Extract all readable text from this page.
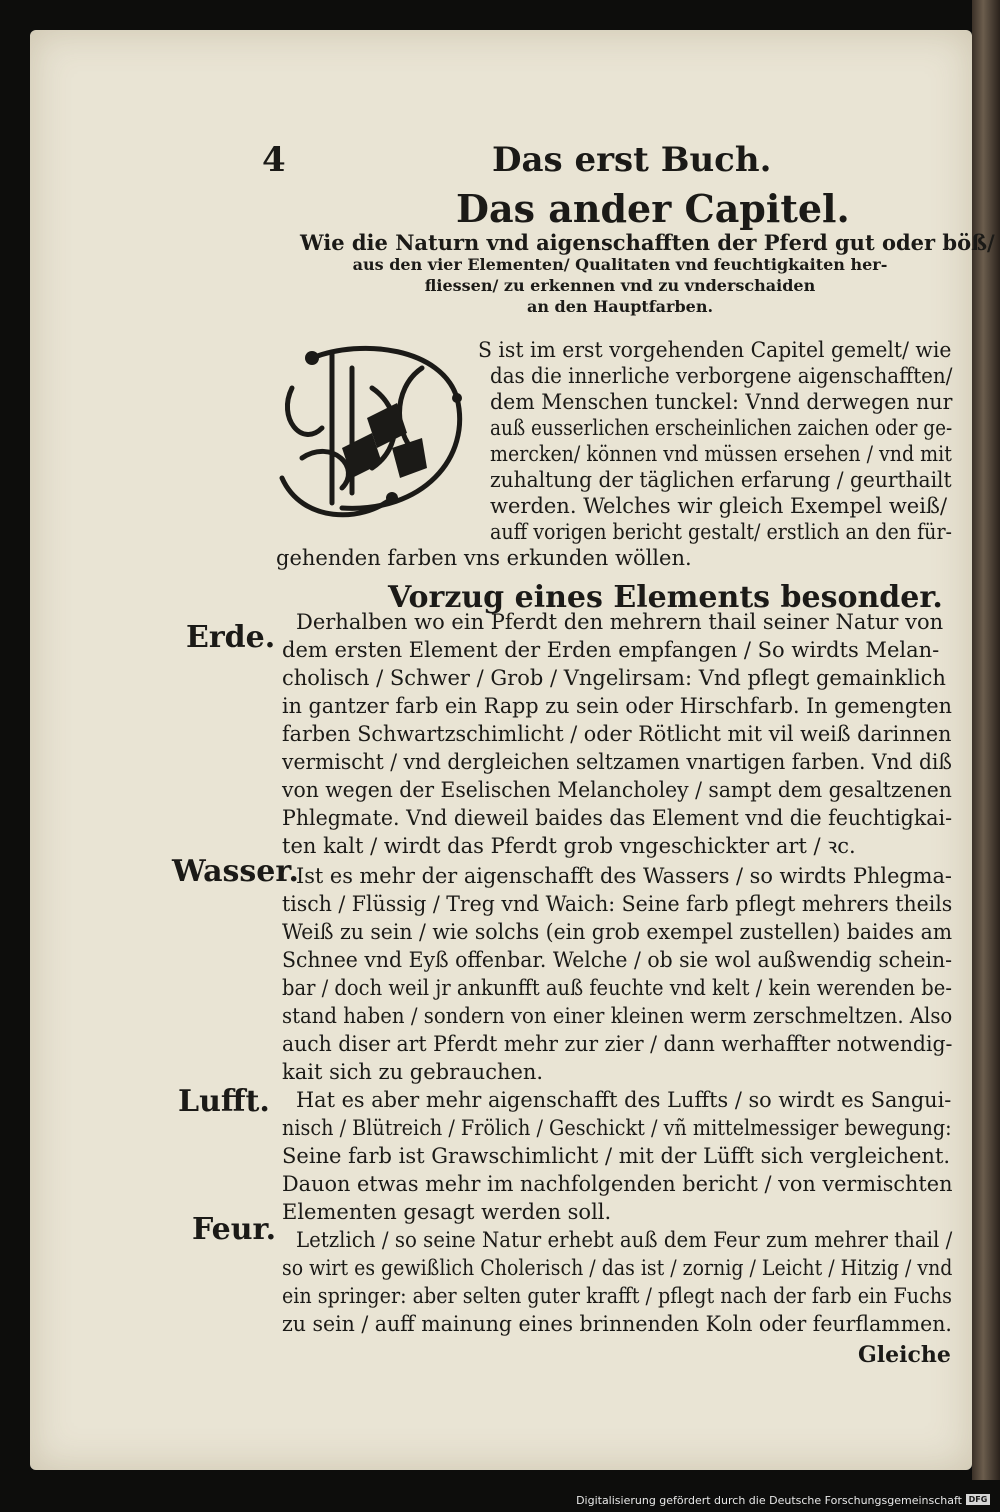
4	Das erst Buch.
Das ander Capitel.
Wie die Naturn vnd aigenschafften der Pferd gut oder böß/
aus den vier Elementen/ Qualitaten vnd feuchtigkaiten her-
fliessen/ zu erkennen vnd zu vnderschaiden
an den Hauptfarben.
S ist im erst vorgehenden Capitel gemelt/ wie
das die innerliche verborgene aigenschafften/
dem Menschen tunckel: Vnnd derwegen nur
auß eusserlichen erscheinlichen zaichen oder ge-
mercken/ können vnd müssen ersehen / vnd mit
zuhaltung der täglichen erfarung / geurthailt
werden. Welches wir gleich Exempel weiß/
auff vorigen bericht gestalt/ erstlich an den für-
gehenden farben vns erkunden wöllen.
Vorzug eines Elements besonder.
Erde.
Wasser.
Lufft.
Feur.
Derhalben wo ein Pferdt den mehrern thail seiner Natur von
dem ersten Element der Erden empfangen / So wirdts Melan-
cholisch / Schwer / Grob / Vngelirsam: Vnd pflegt gemainklich
in gantzer farb ein Rapp zu sein oder Hirschfarb. In gemengten
farben Schwartzschimlicht / oder Rötlicht mit vil weiß darinnen
vermischt / vnd dergleichen seltzamen vnartigen farben. Vnd diß
von wegen der Eselischen Melancholey / sampt dem gesaltzenen
Phlegmate. Vnd dieweil baides das Element vnd die feuchtigkai-
ten kalt / wirdt das Pferdt grob vngeschickter art / ꝛc.
Ist es mehr der aigenschafft des Wassers / so wirdts Phlegma-
tisch / Flüssig / Treg vnd Waich: Seine farb pflegt mehrers theils
Weiß zu sein / wie solchs (ein grob exempel zustellen) baides am
Schnee vnd Eyß offenbar. Welche / ob sie wol außwendig schein-
bar / doch weil jr ankunfft auß feuchte vnd kelt / kein werenden be-
stand haben / sondern von einer kleinen werm zerschmeltzen. Also
auch diser art Pferdt mehr zur zier / dann werhaffter notwendig-
kait sich zu gebrauchen.
Hat es aber mehr aigenschafft des Luffts / so wirdt es Sangui-
nisch / Blütreich / Frölich / Geschickt / vñ mittelmessiger bewegung:
Seine farb ist Grawschimlicht / mit der Lüfft sich vergleichent.
Dauon etwas mehr im nachfolgenden bericht / von vermischten
Elementen gesagt werden soll.
Letzlich / so seine Natur erhebt auß dem Feur zum mehrer thail /
so wirt es gewißlich Cholerisch / das ist / zornig / Leicht / Hitzig / vnd
ein springer: aber selten guter krafft / pflegt nach der farb ein Fuchs
zu sein / auff mainung eines brinnenden Koln oder feurflammen.
Gleiche
Digitalisierung gefördert durch die Deutsche Forschungsgemeinschaft DFG
